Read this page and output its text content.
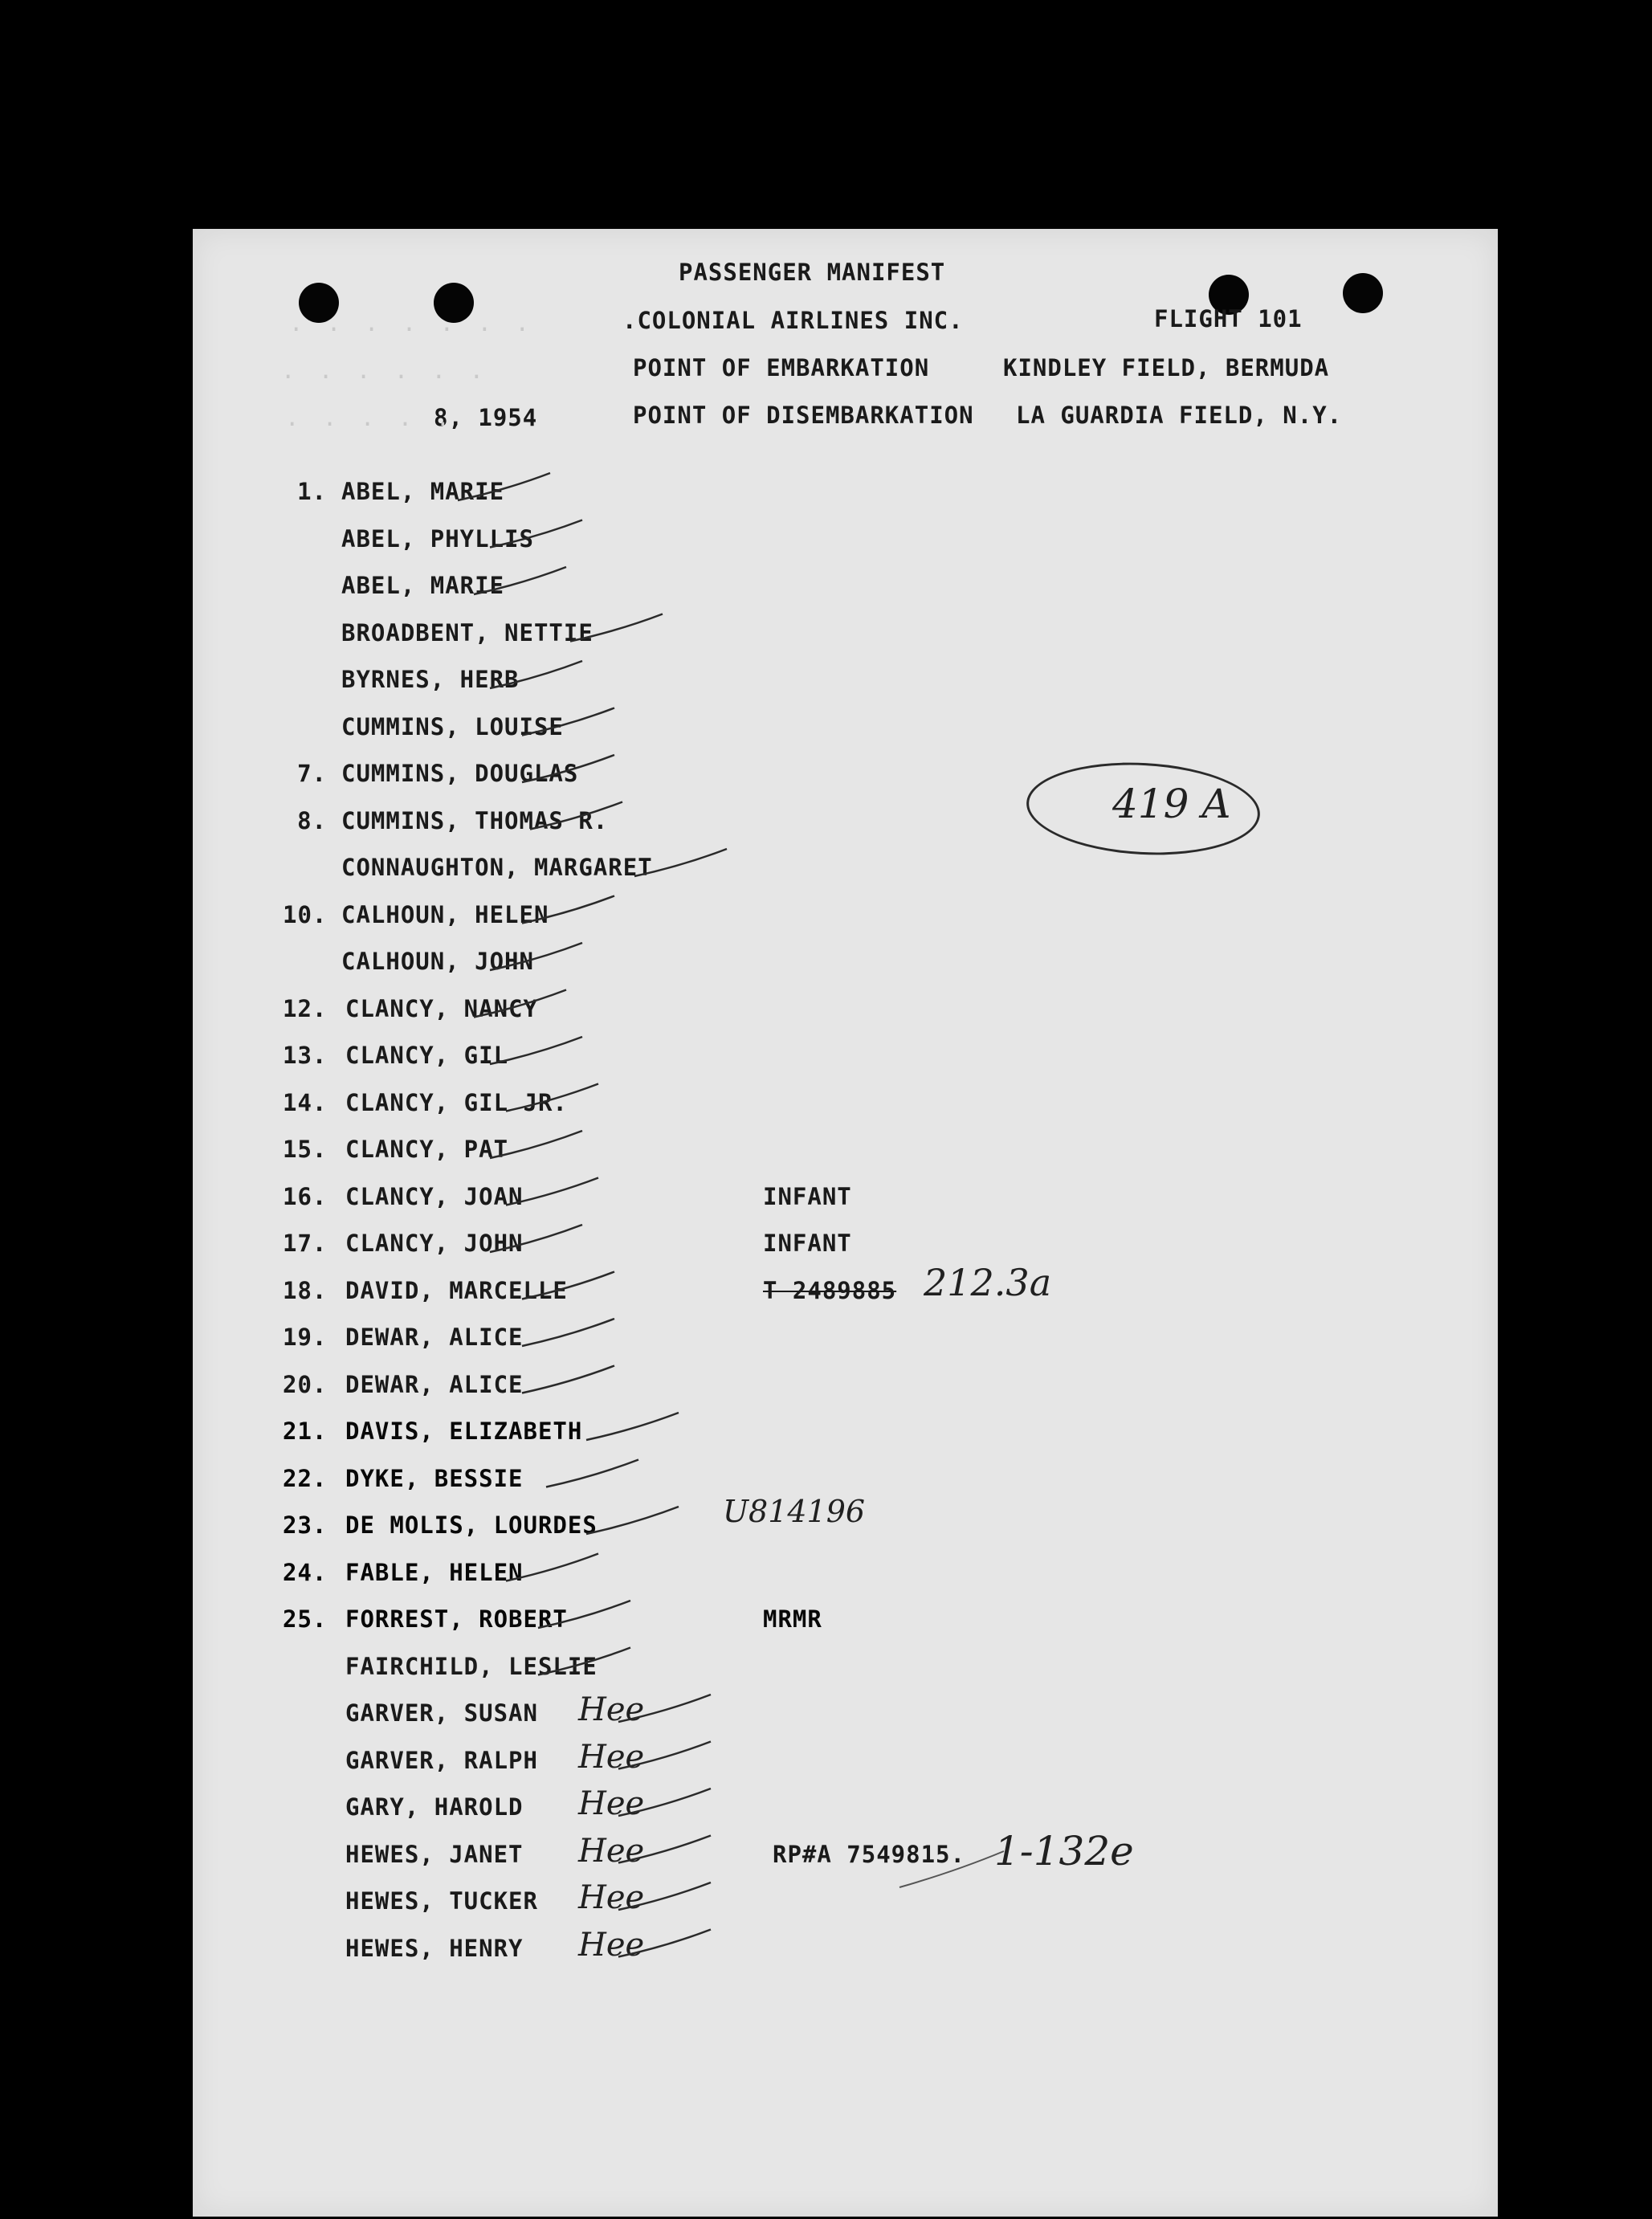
PASSENGER MANIFEST
.COLONIAL AIRLINES INC.	FLIGHT 101
POINT OF EMBARKATION	KINDLEY FIELD, BERMUDA
POINT OF DISEMBARKATION LA GUARDIA FIELD, N.Y.
8, 1954
. . . . . . .
. . . . . .
. . . . .
419 A
1. ABEL, MARIE
ABEL, PHYLLIS
ABEL, MARIE
BROADBENT, NETTIE
BYRNES, HERB
CUMMINS, LOUISE
7. CUMMINS, DOUGLAS
8. CUMMINS, THOMAS R.
CONNAUGHTON, MARGARET
10. CALHOUN, HELEN
CALHOUN, JOHN
12. CLANCY, NANCY
13. CLANCY, GIL
14. CLANCY, GIL JR.
15. CLANCY, PAT
16. CLANCY, JOAN	INFANT
17. CLANCY, JOHN	INFANT
18. DAVID, MARCELLE	T 2489885
19. DEWAR, ALICE
20. DEWAR, ALICE
21. DAVIS, ELIZABETH
22. DYKE, BESSIE
23. DE MOLIS, LOURDES
24. FABLE, HELEN
25. FORREST, ROBERT	MRMR
FAIRCHILD, LESLIE
GARVER, SUSAN Hee
GARVER, RALPH Hee
GARY, HAROLD Hee
HEWES, JANET	RP#A 7549815.
Hee
HEWES, TUCKER Hee
HEWES, HENRY Hee
212.3a
U814196
1-132e
